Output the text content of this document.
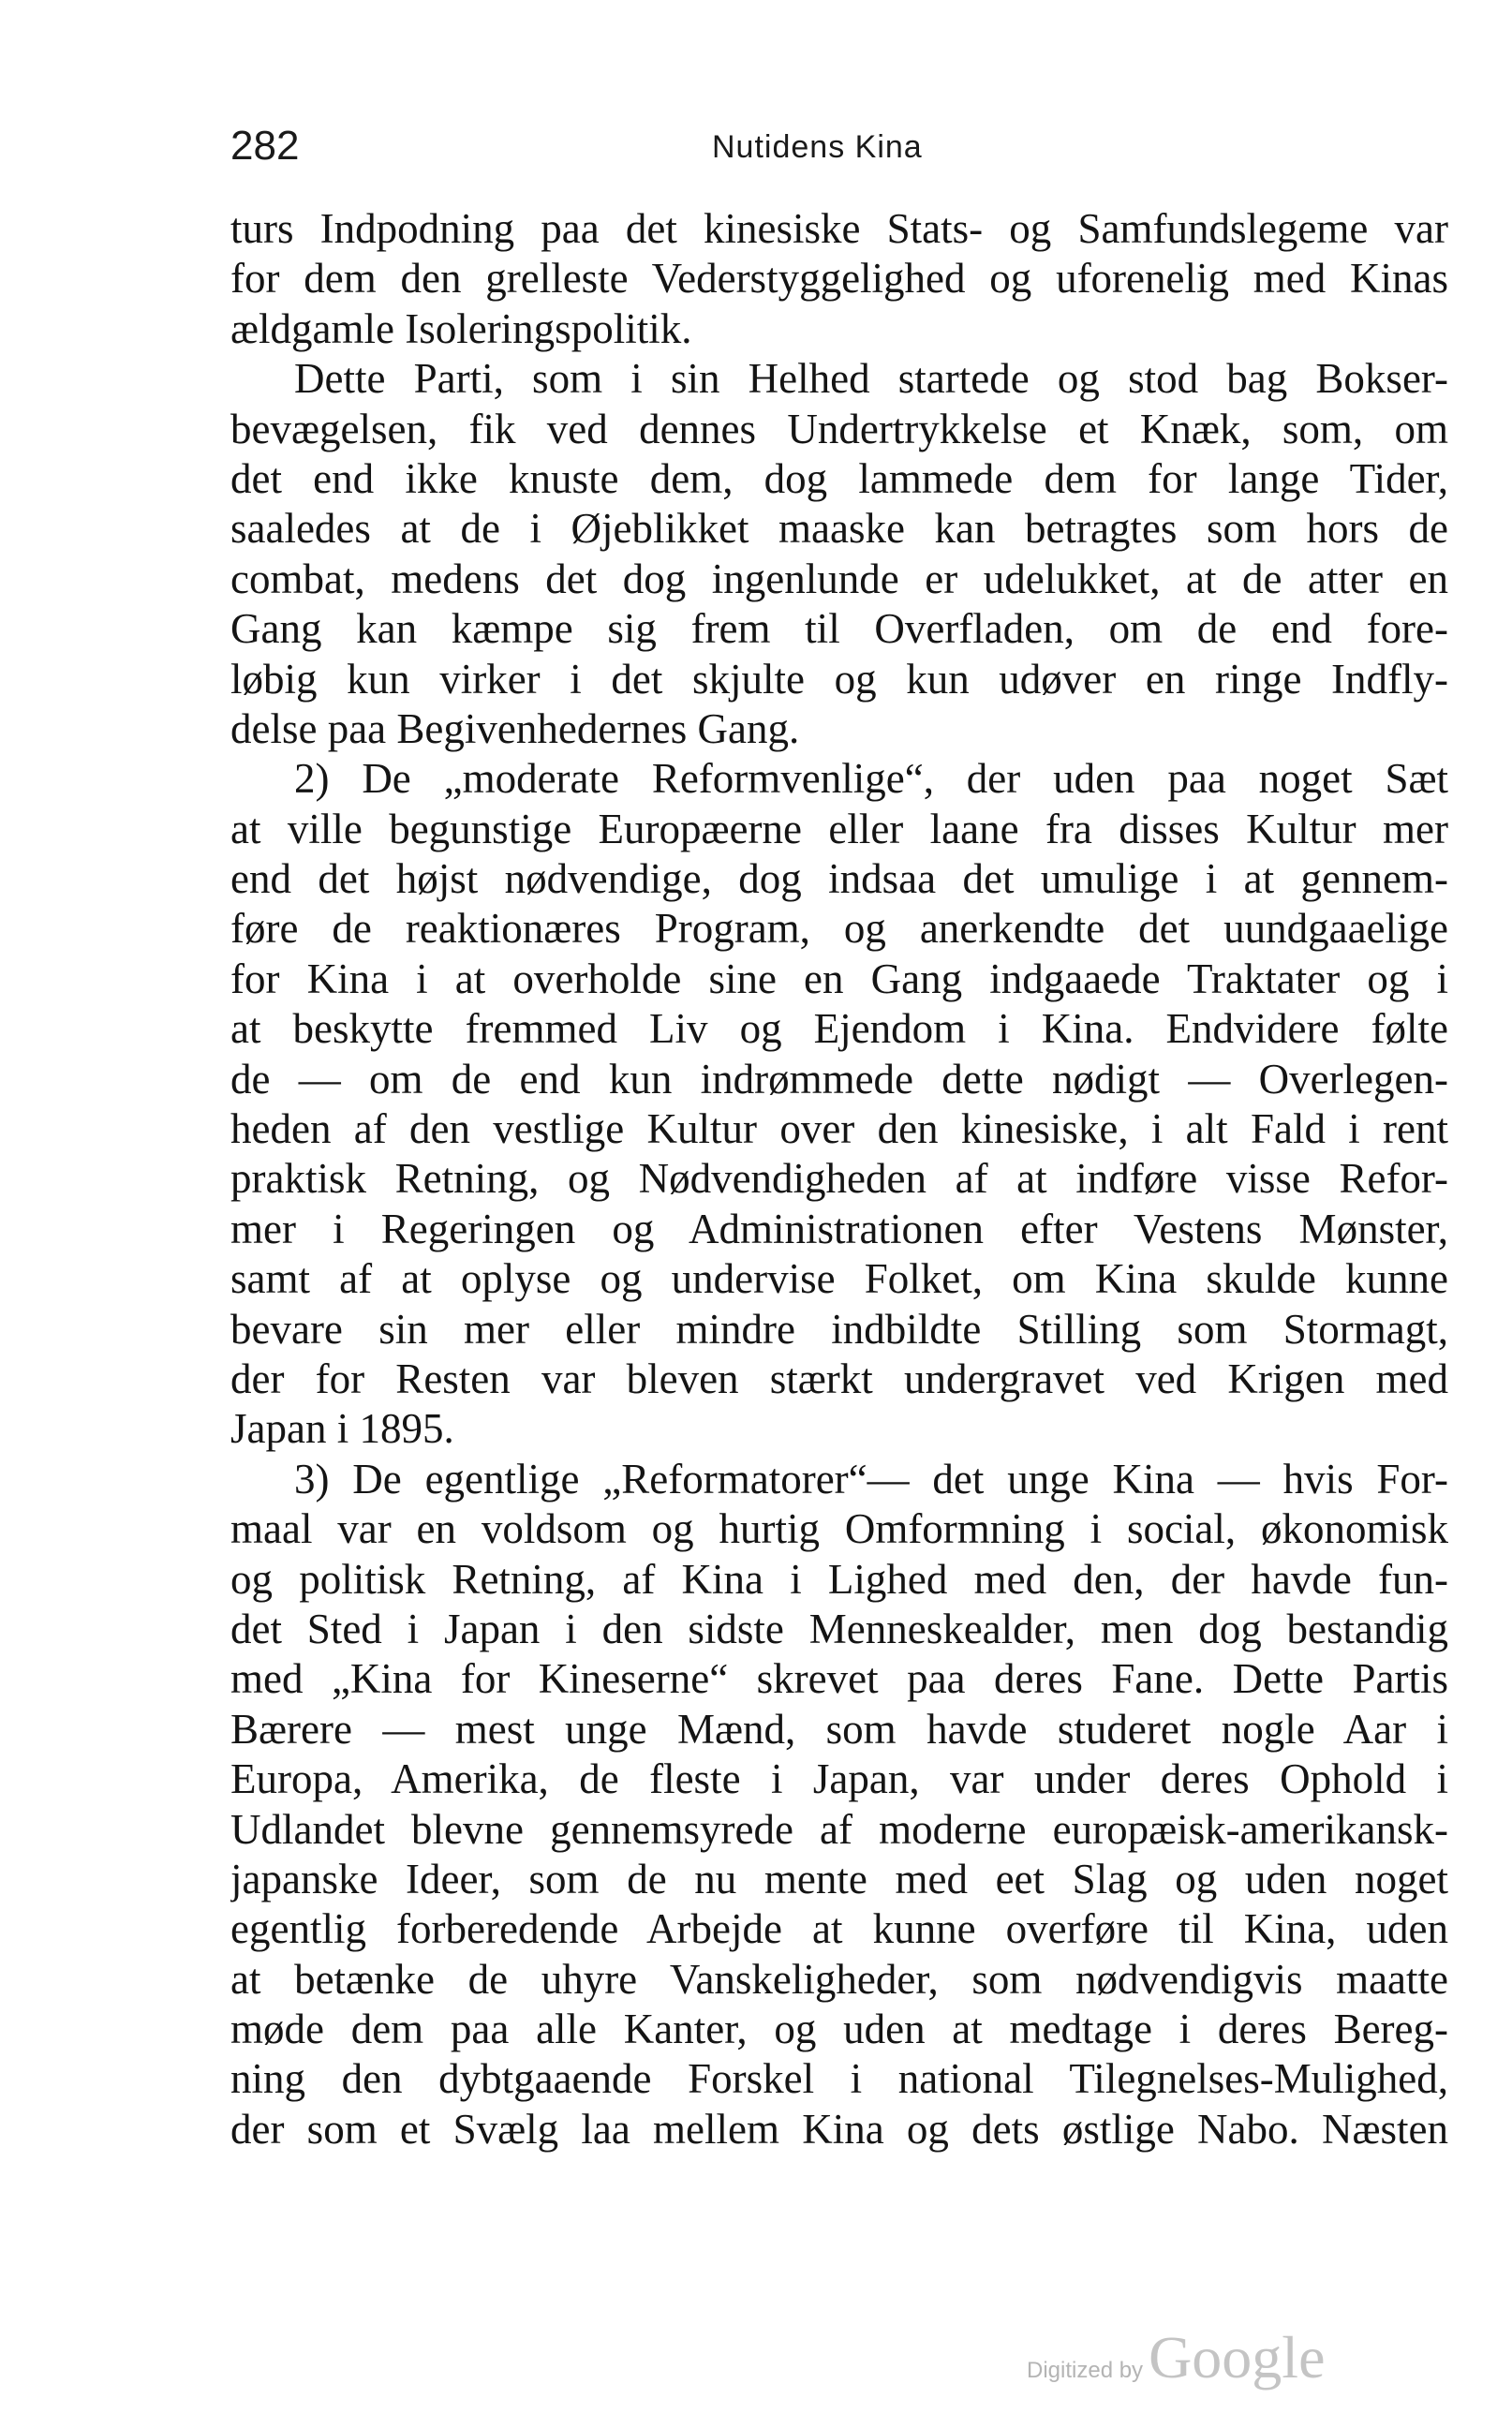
282	Nutidens Kina
turs Indpodning paa det kinesiske Stats- og Samfundslegeme var
for dem den grelleste Vederstyggelighed og uforenelig med Kinas
ældgamle Isoleringspolitik.
Dette Parti, som i sin Helhed startede og stod bag Bokser-
bevægelsen, fik ved dennes Undertrykkelse et Knæk, som, om
det end ikke knuste dem, dog lammede dem for lange Tider,
saaledes at de i Øjeblikket maaske kan betragtes som hors de
combat, medens det dog ingenlunde er udelukket, at de atter en
Gang kan kæmpe sig frem til Overfladen, om de end fore-
løbig kun virker i det skjulte og kun udøver en ringe Indfly-
delse paa Begivenhedernes Gang.
2) De „moderate Reformvenlige“, der uden paa noget Sæt
at ville begunstige Europæerne eller laane fra disses Kultur mer
end det højst nødvendige, dog indsaa det umulige i at gennem-
føre de reaktionæres Program, og anerkendte det uundgaaelige
for Kina i at overholde sine en Gang indgaaede Traktater og i
at beskytte fremmed Liv og Ejendom i Kina. Endvidere følte
de — om de end kun indrømmede dette nødigt — Overlegen-
heden af den vestlige Kultur over den kinesiske, i alt Fald i rent
praktisk Retning, og Nødvendigheden af at indføre visse Refor-
mer i Regeringen og Administrationen efter Vestens Mønster,
samt af at oplyse og undervise Folket, om Kina skulde kunne
bevare sin mer eller mindre indbildte Stilling som Stormagt,
der for Resten var bleven stærkt undergravet ved Krigen med
Japan i 1895.
3) De egentlige „Reformatorer“— det unge Kina — hvis For-
maal var en voldsom og hurtig Omformning i social, økonomisk
og politisk Retning, af Kina i Lighed med den, der havde fun-
det Sted i Japan i den sidste Menneskealder, men dog bestandig
med „Kina for Kineserne“ skrevet paa deres Fane. Dette Partis
Bærere — mest unge Mænd, som havde studeret nogle Aar i
Europa, Amerika, de fleste i Japan, var under deres Ophold i
Udlandet blevne gennemsyrede af moderne europæisk-amerikansk-
japanske Ideer, som de nu mente med eet Slag og uden noget
egentlig forberedende Arbejde at kunne overføre til Kina, uden
at betænke de uhyre Vanskeligheder, som nødvendigvis maatte
møde dem paa alle Kanter, og uden at medtage i deres Bereg-
ning den dybtgaaende Forskel i national Tilegnelses-Mulighed,
der som et Svælg laa mellem Kina og dets østlige Nabo. Næsten
Digitized by Google
